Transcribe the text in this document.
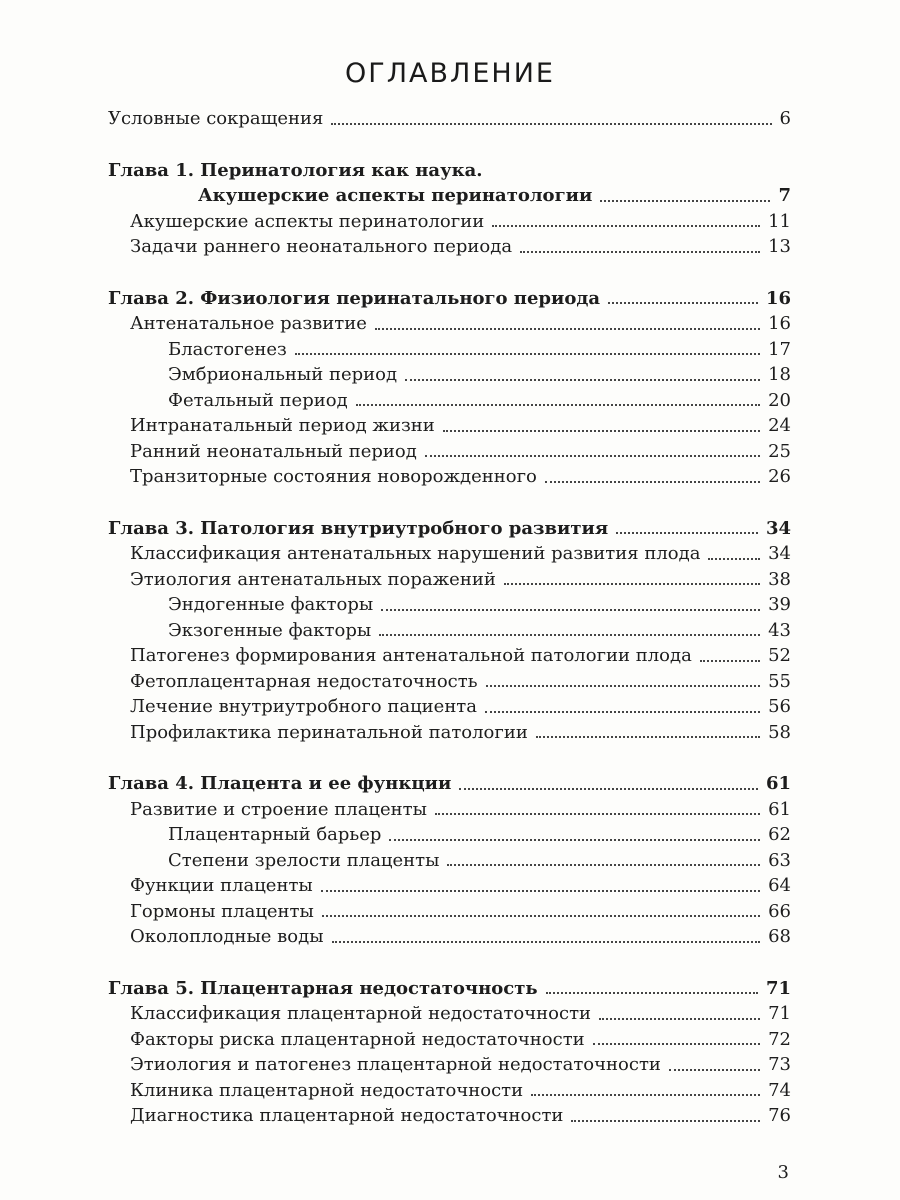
ОГЛАВЛЕНИЕ
Условные сокращения	6
Глава 1. Перинатология как наука.
Акушерские аспекты перинатологии	7
Акушерские аспекты перинатологии	11
Задачи раннего неонатального периода	13
Глава 2. Физиология перинатального периода	16
Антенатальное развитие	16
Бластогенез	17
Эмбриональный период	18
Фетальный период	20
Интранатальный период жизни	24
Ранний неонатальный период	25
Транзиторные состояния новорожденного	26
Глава 3. Патология внутриутробного развития	34
Классификация антенатальных нарушений развития плода	34
Этиология антенатальных поражений	38
Эндогенные факторы	39
Экзогенные факторы	43
Патогенез формирования антенатальной патологии плода	52
Фетоплацентарная недостаточность	55
Лечение внутриутробного пациента	56
Профилактика перинатальной патологии	58
Глава 4. Плацента и ее функции	61
Развитие и строение плаценты	61
Плацентарный барьер	62
Степени зрелости плаценты	63
Функции плаценты	64
Гормоны плаценты	66
Околоплодные воды	68
Глава 5. Плацентарная недостаточность	71
Классификация плацентарной недостаточности	71
Факторы риска плацентарной недостаточности	72
Этиология и патогенез плацентарной недостаточности	73
Клиника плацентарной недостаточности	74
Диагностика плацентарной недостаточности	76
3
